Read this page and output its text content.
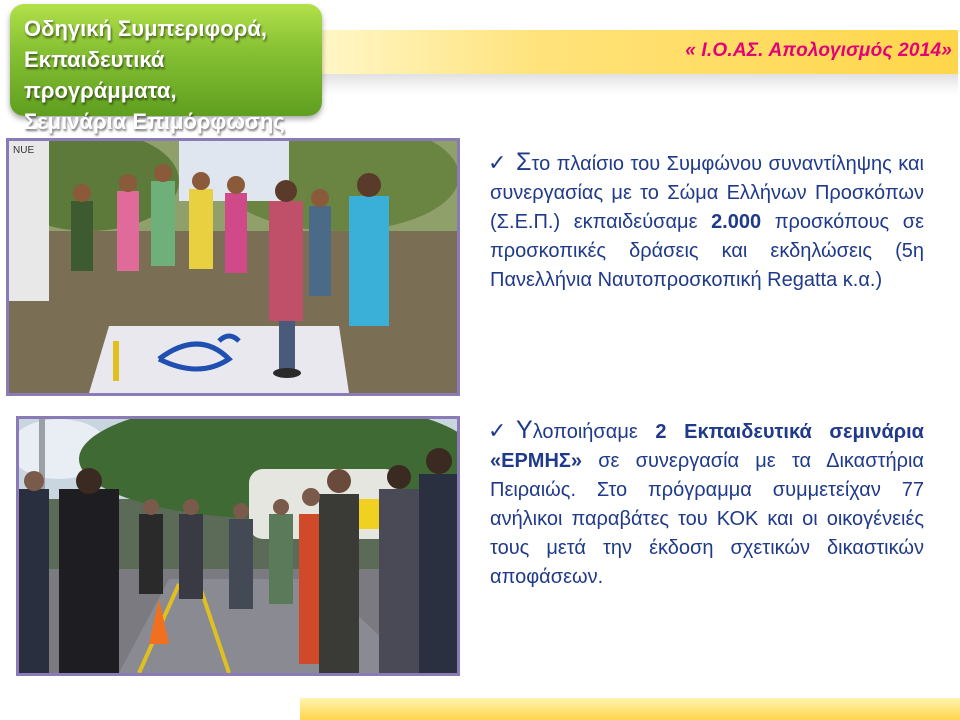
« Ι.Ο.ΑΣ. Απολογισμός 2014»
Οδηγική Συμπεριφορά,
Εκπαιδευτικά προγράμματα,
Σεμινάρια Επιμόρφωσης
NUE	✓ Στο πλαίσιο του Συμφώνου συναντίληψης και συνεργασίας με το Σώμα Ελλήνων Προσκόπων (Σ.Ε.Π.) εκπαιδεύσαμε 2.000 προσκόπους σε προσκοπικές δράσεις και εκδηλώσεις (5η Πανελλήνια Ναυτοπροσκοπική Regatta κ.α.)
✓ Υλοποιήσαμε 2 Εκπαιδευτικά σεμινάρια «ΕΡΜΗΣ» σε συνεργασία με τα Δικαστήρια Πειραιώς. Στο πρόγραμμα συμμετείχαν 77 ανήλικοι παραβάτες του ΚΟΚ και οι οικογένειές τους μετά την έκδοση σχετικών δικαστικών αποφάσεων.
